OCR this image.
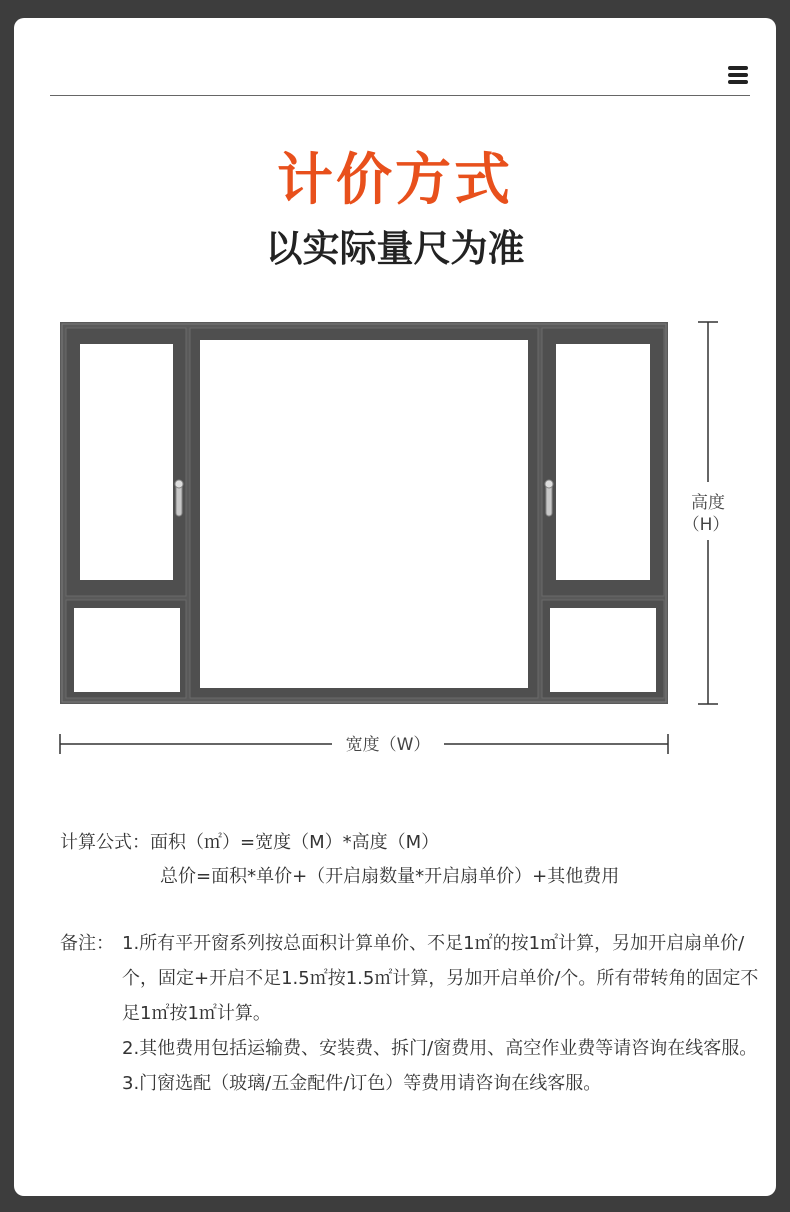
计价方式
以实际量尺为准
高度
（H）
宽度（W）
计算公式：面积（㎡）=宽度（M）*高度（M）
总价=面积*单价+（开启扇数量*开启扇单价）+其他费用
备注： 1.所有平开窗系列按总面积计算单价、不足1㎡的按1㎡计算，另加开启扇单价/个，固定+开启不足1.5㎡按1.5㎡计算，另加开启单价/个。所有带转角的固定不足1㎡按1㎡计算。

2.其他费用包括运输费、安装费、拆门/窗费用、高空作业费等请咨询在线客服。

3.门窗选配（玻璃/五金配件/订色）等费用请咨询在线客服。
